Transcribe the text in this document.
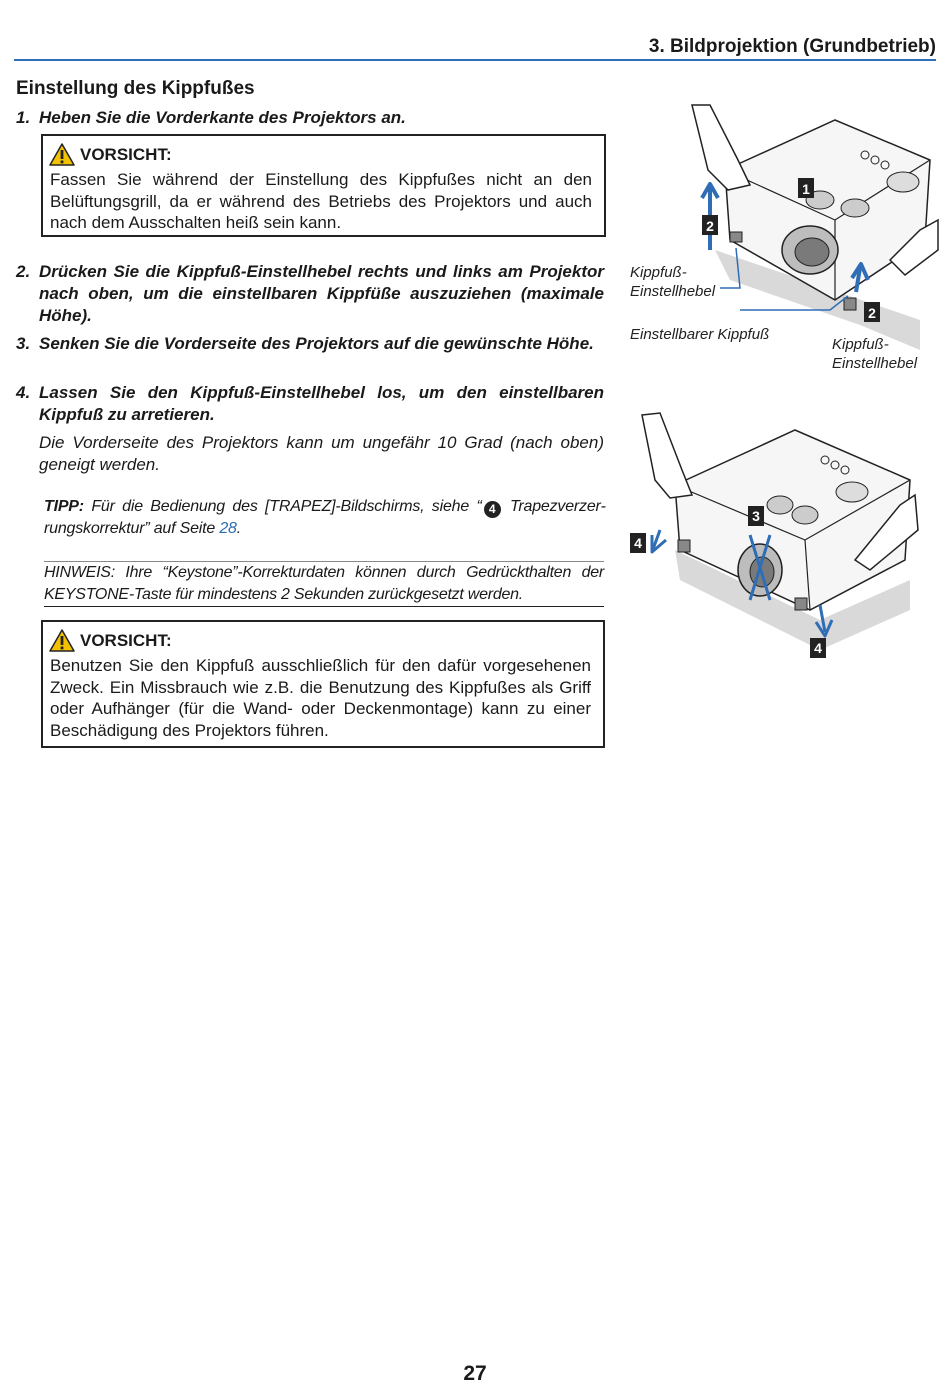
3. Bildprojektion (Grundbetrieb)
Einstellung des Kippfußes
1. Heben Sie die Vorderkante des Projektors an.
VORSICHT:
Fassen Sie während der Einstellung des Kippfußes nicht an den Belüftungsgrill, da er während des Betriebs des Projektors und auch nach dem Ausschalten heiß sein kann.
2. Drücken Sie die Kippfuß-Einstellhebel rechts und links am Projektor nach oben, um die einstellbaren Kippfüße auszuziehen (maximale Höhe).
3. Senken Sie die Vorderseite des Projektors auf die gewünschte Höhe.
4. Lassen Sie den Kippfuß-Einstellhebel los, um den einstellbaren Kippfuß zu arretieren.
Die Vorderseite des Projektors kann um ungefähr 10 Grad (nach oben) geneigt werden.
TIPP: Für die Bedienung des [TRAPEZ]-Bildschirms, siehe “ 4 Trapezverzerrungskorrektur” auf Seite 28.
HINWEIS: Ihre “Keystone”-Korrekturdaten können durch Gedrückthalten der KEYSTONE-Taste für mindestens 2 Sekunden zurückgesetzt werden.
VORSICHT:
Benutzen Sie den Kippfuß ausschließlich für den dafür vorgesehenen Zweck. Ein Missbrauch wie z.B. die Benutzung des Kippfußes als Griff oder Aufhänger (für die Wand- oder Deckenmontage) kann zu einer Beschädigung des Projektors führen.
1
2
2
Kippfuß-
Einstellhebel
Einstellbarer Kippfuß
Kippfuß-
Einstellhebel
3
4
4
27
